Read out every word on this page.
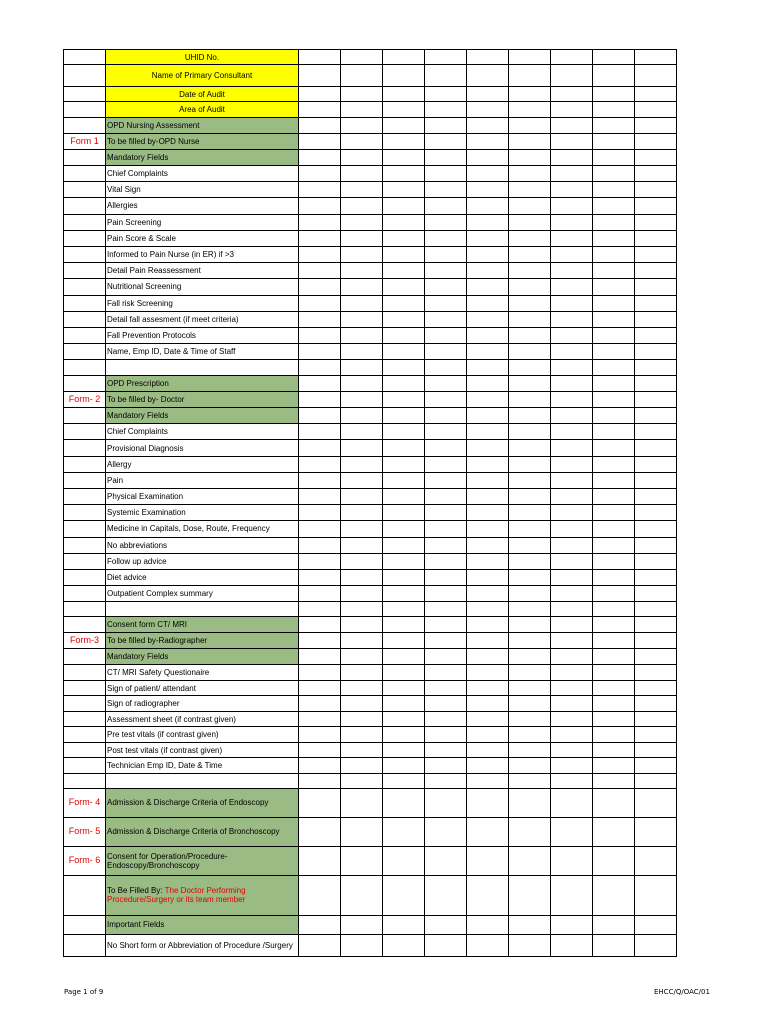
	UHID No.									
	Name of Primary Consultant									
	Date of Audit									
	Area of Audit									
	OPD Nursing Assessment									
Form 1	To be filled by-OPD Nurse									
	Mandatory Fields									
	Chief Complaints									
	Vital Sign									
	Allergies									
	Pain Screening									
	Pain Score & Scale									
	Informed to Pain Nurse (in ER) if >3									
	Detail Pain Reassessment									
	Nutritional Screening									
	Fall risk Screening									
	Detail fall assesment (if meet criteria)									
	Fall Prevention Protocols									
	Name, Emp ID, Date & Time of Staff									

	OPD Prescription									
Form- 2	To be filled by- Doctor									
	Mandatory Fields									
	Chief Complaints									
	Provisional Diagnosis									
	Allergy									
	Pain									
	Physical Examination									
	Systemic Examination									
	Medicine in Capitals, Dose, Route, Frequency									
	No abbreviations									
	Follow up advice									
	Diet advice									
	Outpatient Complex summary									

	Consent form CT/ MRI									
Form-3	To be filled by-Radiographer									
	Mandatory Fields									
	CT/ MRI Safety Questionaire									
	Sign of patient/ attendant									
	Sign of radiographer									
	Assessment sheet (if contrast given)									
	Pre test vitals (if contrast given)									
	Post test vitals (if contrast given)									
	Technician Emp ID, Date & Time									

Form- 4	Admission & Discharge Criteria of Endoscopy									
Form- 5	Admission & Discharge Criteria of Bronchoscopy									
Form- 6	Consent for Operation/Procedure-Endoscopy/Bronchoscopy									
	To Be Filled By: The Doctor Performing Procedure/Surgery or its team member									
	Important Fields									
	No Short form or Abbreviation of Procedure /Surgery									
Page 1 of 9	EHCC/Q/OAC/01
